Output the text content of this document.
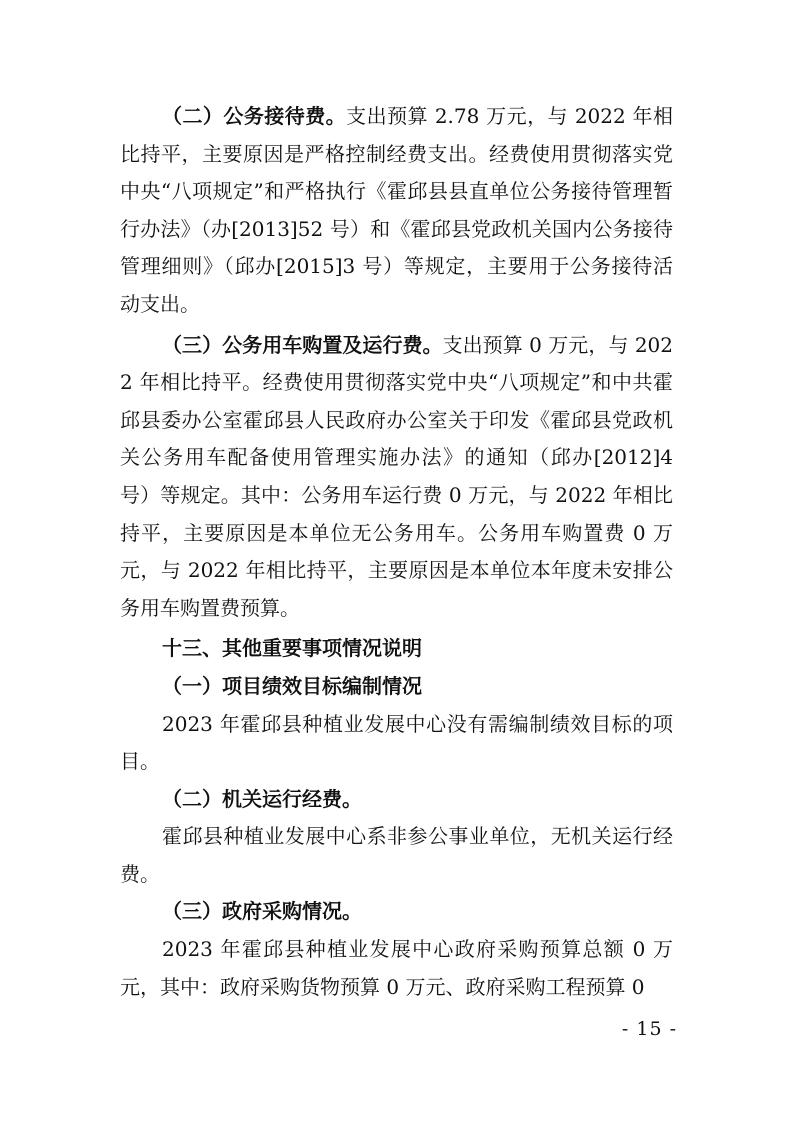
（二）公务接待费。支出预算 2.78 万元，与 2022 年相比持平，主要原因是严格控制经费支出。经费使用贯彻落实党中央“八项规定”和严格执行《霍邱县县直单位公务接待管理暂行办法》（办[2013]52 号）和《霍邱县党政机关国内公务接待管理细则》（邱办[2015]3 号）等规定，主要用于公务接待活动支出。

（三）公务用车购置及运行费。支出预算 0 万元，与 2022 年相比持平。经费使用贯彻落实党中央“八项规定”和中共霍邱县委办公室霍邱县人民政府办公室关于印发《霍邱县党政机关公务用车配备使用管理实施办法》的通知（邱办[2012]4 号）等规定。其中：公务用车运行费 0 万元，与 2022 年相比持平，主要原因是本单位无公务用车。公务用车购置费 0 万元，与 2022 年相比持平，主要原因是本单位本年度未安排公务用车购置费预算。

十三、其他重要事项情况说明

（一）项目绩效目标编制情况

2023 年霍邱县种植业发展中心没有需编制绩效目标的项目。

（二）机关运行经费。

霍邱县种植业发展中心系非参公事业单位，无机关运行经费。

（三）政府采购情况。

2023 年霍邱县种植业发展中心政府采购预算总额 0 万元，其中：政府采购货物预算 0 万元、政府采购工程预算 0

- 15 -
